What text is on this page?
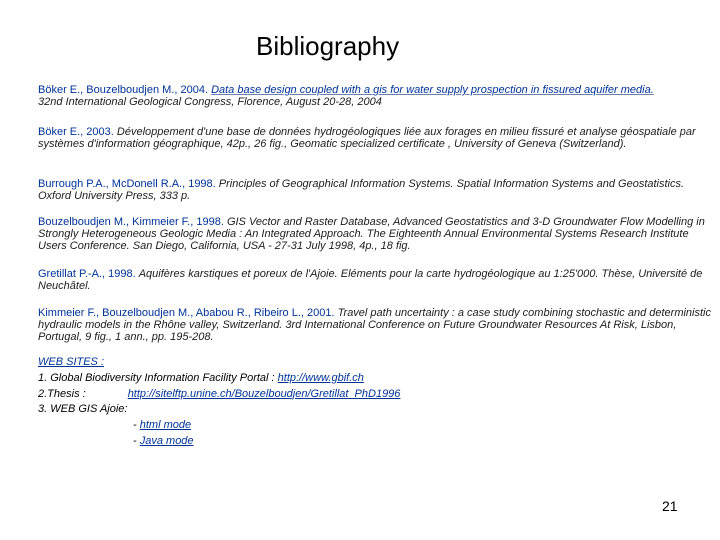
Bibliography
Böker E., Bouzelboudjen M., 2004. Data base design coupled with a gis for water supply prospection in fissured aquifer media.
32nd International Geological Congress, Florence, August 20-28, 2004
Böker E., 2003. Développement d'une base de données hydrogéologiques liée aux forages en milieu fissuré et analyse géospatiale par systèmes d'information géographique, 42p., 26 fig., Geomatic specialized certificate , University of Geneva (Switzerland).
Burrough P.A., McDonell R.A., 1998. Principles of Geographical Information Systems. Spatial Information Systems and Geostatistics. Oxford University Press, 333 p.
Bouzelboudjen M., Kimmeier F., 1998. GIS Vector and Raster Database, Advanced Geostatistics and 3-D Groundwater Flow Modelling in Strongly Heterogeneous Geologic Media : An Integrated Approach. The Eighteenth Annual Environmental Systems Research Institute Users Conference. San Diego, California, USA - 27-31 July 1998, 4p., 18 fig.
Gretillat P.-A., 1998. Aquifères karstiques et poreux de l'Ajoie. Eléments pour la carte hydrogéologique au 1:25'000. Thèse, Université de Neuchâtel.
Kimmeier F., Bouzelboudjen M., Ababou R., Ribeiro L., 2001. Travel path uncertainty : a case study combining stochastic and deterministic hydraulic models in the Rhône valley, Switzerland. 3rd International Conference on Future Groundwater Resources At Risk, Lisbon, Portugal, 9 fig., 1 ann., pp. 195-208.
WEB SITES :
1. Global Biodiversity Information Facility Portal : http://www.gbif.ch
2.Thesis :	http://sitelftp.unine.ch/Bouzelboudjen/Gretillat_PhD1996
3. WEB GIS Ajoie:
- html mode
- Java mode
21
